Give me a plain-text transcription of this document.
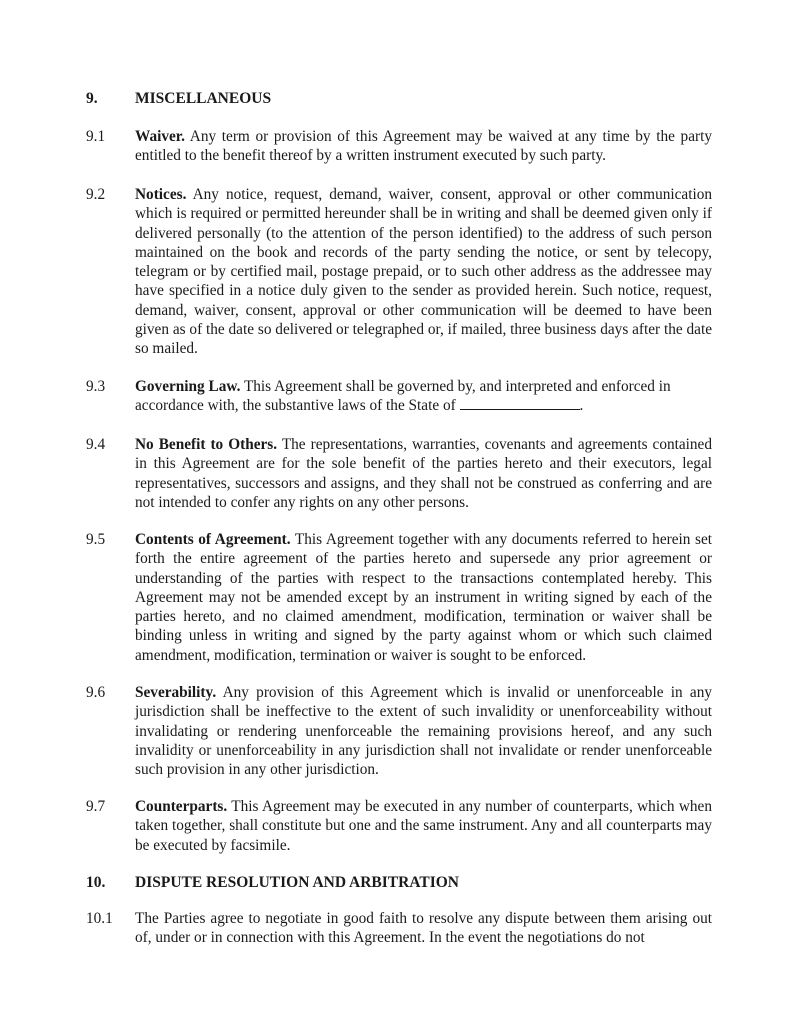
9. MISCELLANEOUS
9.1 Waiver. Any term or provision of this Agreement may be waived at any time by the party entitled to the benefit thereof by a written instrument executed by such party.
9.2 Notices. Any notice, request, demand, waiver, consent, approval or other communication which is required or permitted hereunder shall be in writing and shall be deemed given only if delivered personally (to the attention of the person identified) to the address of such person maintained on the book and records of the party sending the notice, or sent by telecopy, telegram or by certified mail, postage prepaid, or to such other address as the addressee may have specified in a notice duly given to the sender as provided herein. Such notice, request, demand, waiver, consent, approval or other communication will be deemed to have been given as of the date so delivered or telegraphed or, if mailed, three business days after the date so mailed.
9.3 Governing Law. This Agreement shall be governed by, and interpreted and enforced in accordance with, the substantive laws of the State of	.
9.4 No Benefit to Others. The representations, warranties, covenants and agreements contained in this Agreement are for the sole benefit of the parties hereto and their executors, legal representatives, successors and assigns, and they shall not be construed as conferring and are not intended to confer any rights on any other persons.
9.5 Contents of Agreement. This Agreement together with any documents referred to herein set forth the entire agreement of the parties hereto and supersede any prior agreement or understanding of the parties with respect to the transactions contemplated hereby. This Agreement may not be amended except by an instrument in writing signed by each of the parties hereto, and no claimed amendment, modification, termination or waiver shall be binding unless in writing and signed by the party against whom or which such claimed amendment, modification, termination or waiver is sought to be enforced.
9.6 Severability. Any provision of this Agreement which is invalid or unenforceable in any jurisdiction shall be ineffective to the extent of such invalidity or unenforceability without invalidating or rendering unenforceable the remaining provisions hereof, and any such invalidity or unenforceability in any jurisdiction shall not invalidate or render unenforceable such provision in any other jurisdiction.
9.7 Counterparts. This Agreement may be executed in any number of counterparts, which when taken together, shall constitute but one and the same instrument. Any and all counterparts may be executed by facsimile.
10. DISPUTE RESOLUTION AND ARBITRATION
10.1 The Parties agree to negotiate in good faith to resolve any dispute between them arising out of, under or in connection with this Agreement. In the event the negotiations do not
